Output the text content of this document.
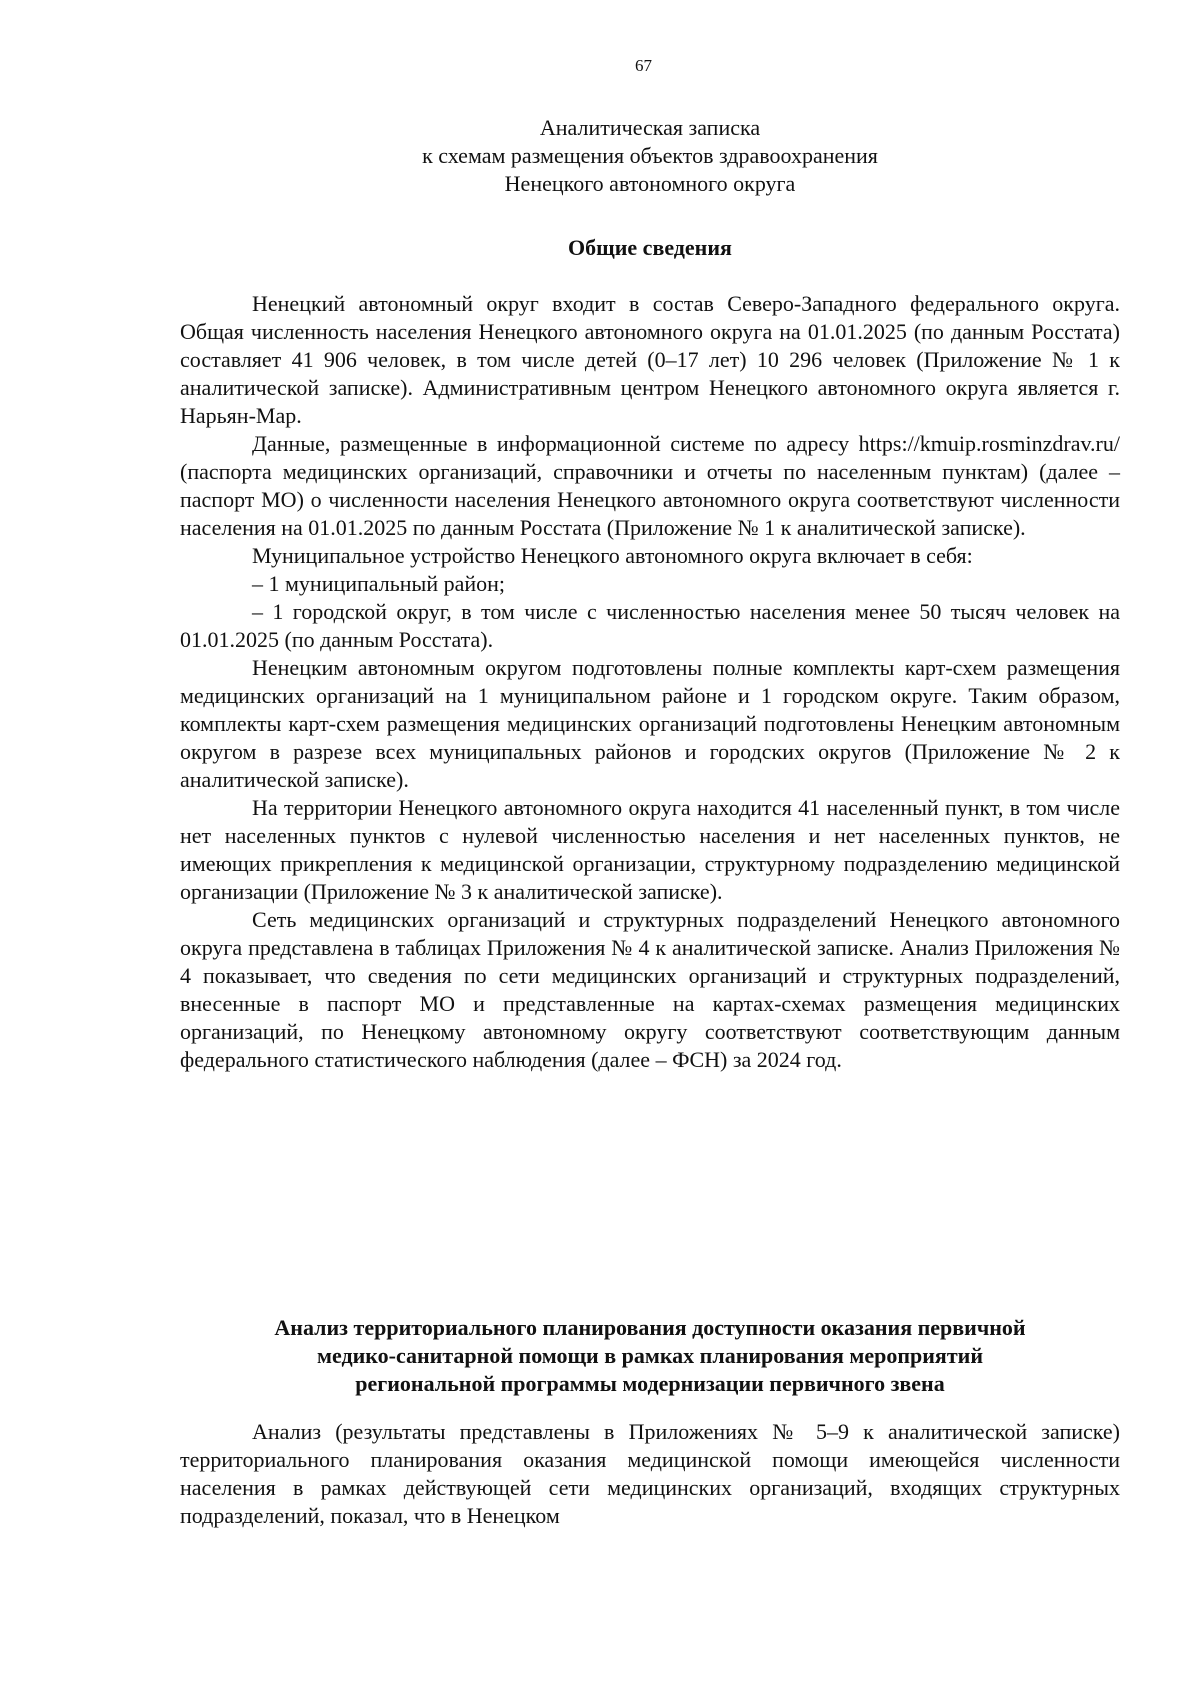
67
Аналитическая записка
к схемам размещения объектов здравоохранения
Ненецкого автономного округа
Общие сведения

Ненецкий автономный округ входит в состав Северо-Западного федерального округа. Общая численность населения Ненецкого автономного округа на 01.01.2025 (по данным Росстата) составляет 41 906 человек, в том числе детей (0–17 лет) 10 296 человек (Приложение № 1 к аналитической записке). Административным центром Ненецкого автономного округа является г. Нарьян-Мар.

Данные, размещенные в информационной системе по адресу https://kmuip.rosminzdrav.ru/ (паспорта медицинских организаций, справочники и отчеты по населенным пунктам) (далее – паспорт МО) о численности населения Ненецкого автономного округа соответствуют численности населения на 01.01.2025 по данным Росстата (Приложение № 1 к аналитической записке).

Муниципальное устройство Ненецкого автономного округа включает в себя:

– 1 муниципальный район;

– 1 городской округ, в том числе с численностью населения менее 50 тысяч человек на 01.01.2025 (по данным Росстата).

Ненецким автономным округом подготовлены полные комплекты карт-схем размещения медицинских организаций на 1 муниципальном районе и 1 городском округе. Таким образом, комплекты карт-схем размещения медицинских организаций подготовлены Ненецким автономным округом в разрезе всех муниципальных районов и городских округов (Приложение № 2 к аналитической записке).

На территории Ненецкого автономного округа находится 41 населенный пункт, в том числе нет населенных пунктов с нулевой численностью населения и нет населенных пунктов, не имеющих прикрепления к медицинской организации, структурному подразделению медицинской организации (Приложение № 3 к аналитической записке).

Сеть медицинских организаций и структурных подразделений Ненецкого автономного округа представлена в таблицах Приложения № 4 к аналитической записке. Анализ Приложения № 4 показывает, что сведения по сети медицинских организаций и структурных подразделений, внесенные в паспорт МО и представленные на картах-схемах размещения медицинских организаций, по Ненецкому автономному округу соответствуют соответствующим данным федерального статистического наблюдения (далее – ФСН) за 2024 год.

Анализ территориального планирования доступности оказания первичной
медико-санитарной помощи в рамках планирования мероприятий
региональной программы модернизации первичного звена

Анализ (результаты представлены в Приложениях № 5–9 к аналитической записке) территориального планирования оказания медицинской помощи имеющейся численности населения в рамках действующей сети медицинских организаций, входящих структурных подразделений, показал, что в Ненецком
